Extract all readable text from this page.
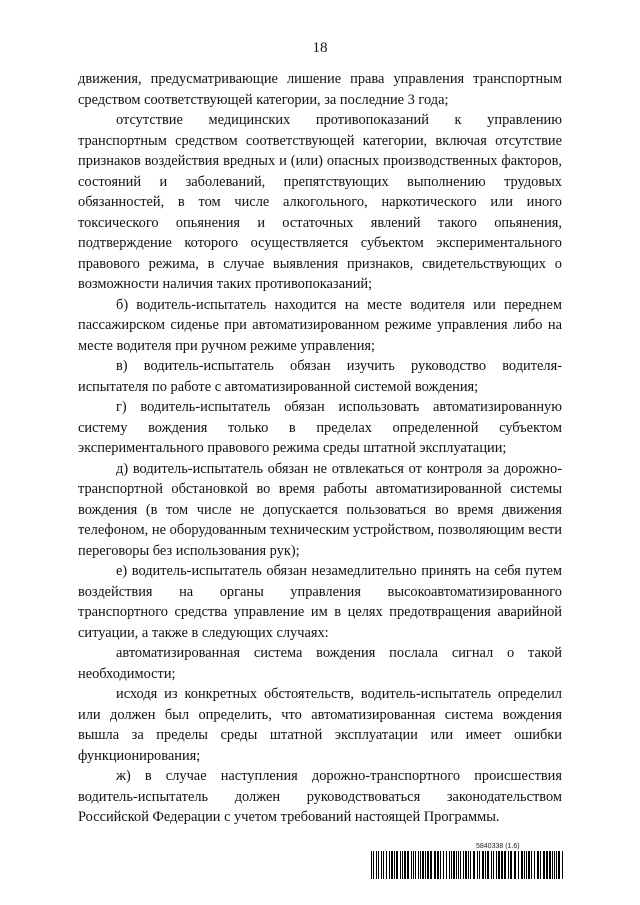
18

движения, предусматривающие лишение права управления транспортным средством соответствующей категории, за последние 3 года;

отсутствие медицинских противопоказаний к управлению транспортным средством соответствующей категории, включая отсутствие признаков воздействия вредных и (или) опасных производственных факторов, состояний и заболеваний, препятствующих выполнению трудовых обязанностей, в том числе алкогольного, наркотического или иного токсического опьянения и остаточных явлений такого опьянения, подтверждение которого осуществляется субъектом экспериментального правового режима, в случае выявления признаков, свидетельствующих о возможности наличия таких противопоказаний;

б) водитель-испытатель находится на месте водителя или переднем пассажирском сиденье при автоматизированном режиме управления либо на месте водителя при ручном режиме управления;

в) водитель-испытатель обязан изучить руководство водителя-испытателя по работе с автоматизированной системой вождения;

г) водитель-испытатель обязан использовать автоматизированную систему вождения только в пределах определенной субъектом экспериментального правового режима среды штатной эксплуатации;

д) водитель-испытатель обязан не отвлекаться от контроля за дорожно-транспортной обстановкой во время работы автоматизированной системы вождения (в том числе не допускается пользоваться во время движения телефоном, не оборудованным техническим устройством, позволяющим вести переговоры без использования рук);

е) водитель-испытатель обязан незамедлительно принять на себя путем воздействия на органы управления высокоавтоматизированного транспортного средства управление им в целях предотвращения аварийной ситуации, а также в следующих случаях:

автоматизированная система вождения послала сигнал о такой необходимости;

исходя из конкретных обстоятельств, водитель-испытатель определил или должен был определить, что автоматизированная система вождения вышла за пределы среды штатной эксплуатации или имеет ошибки функционирования;

ж) в случае наступления дорожно-транспортного происшествия водитель-испытатель должен руководствоваться законодательством Российской Федерации с учетом требований настоящей Программы.

5840338 (1.6)
